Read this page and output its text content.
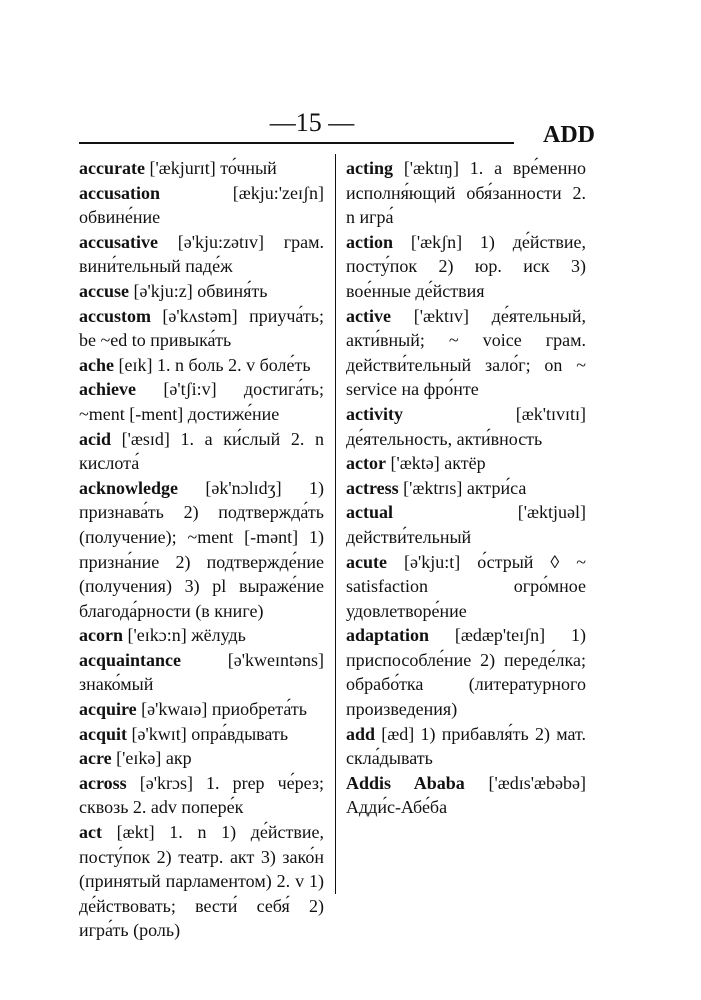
—15 —	ADD

accurate ['ækjurɪt] то́чный

accusation	[ækju:'zeɪʃn] обвине́ние

accusative [ə'kju:zətɪv] грам. вини́тельный паде́ж

accuse [ə'kju:z] обвиня́ть

accustom [ə'kʌstəm] приуча́ть; be ~ed to привыка́ть

ache [eɪk] 1. n боль 2. v боле́ть

achieve [ə'tʃi:v] достига́ть; ~ment [-ment] достиже́ние

acid ['æsɪd] 1. a ки́слый 2. n кислота́

acknowledge [ək'nɔlɪdʒ] 1) признава́ть 2) подтвержда́ть (получение); ~ment [-mənt] 1) призна́ние 2) подтвержде́ние (получения) 3) pl выраже́ние благода́рности (в книге)

acorn ['eɪkɔ:n] жёлудь

acquaintance	[ə'kweɪntəns] знако́мый

acquire [ə'kwaɪə] приобрета́ть

acquit [ə'kwɪt] опра́вдывать

acre ['eɪkə] акр

across [ə'krɔs] 1. prep че́рез; сквозь 2. adv попере́к

act [ækt] 1. n 1) де́йствие, посту́пок 2) театр. акт 3) зако́н (принятый парламентом) 2. v 1) де́йствовать; вести́ себя́ 2) игра́ть (роль)

acting ['æktɪŋ] 1. a вре́менно исполня́ющий обя́занности 2. n игра́

action ['ækʃn] 1) де́йствие, посту́пок 2) юр. иск 3) вое́нные де́йствия

active ['æktɪv] де́ятельный, акти́вный; ~ voice грам. действи́тельный зало́г; on ~ service на фро́нте

activity	[æk'tɪvɪtɪ] де́ятельность, акти́вность

actor ['æktə] актёр

actress ['æktrɪs] актри́са

actual	['æktjuəl] действи́тельный

acute [ə'kju:t] о́стрый ◊ ~ satisfaction огро́мное удовлетворе́ние

adaptation [ædæp'teɪʃn] 1) приспособле́ние 2) переде́лка; обрабо́тка (литературного произведения)

add [æd] 1) прибавля́ть 2) мат. скла́дывать

Addis Ababa ['ædɪs'æbəbə] Адди́с-Абе́ба
